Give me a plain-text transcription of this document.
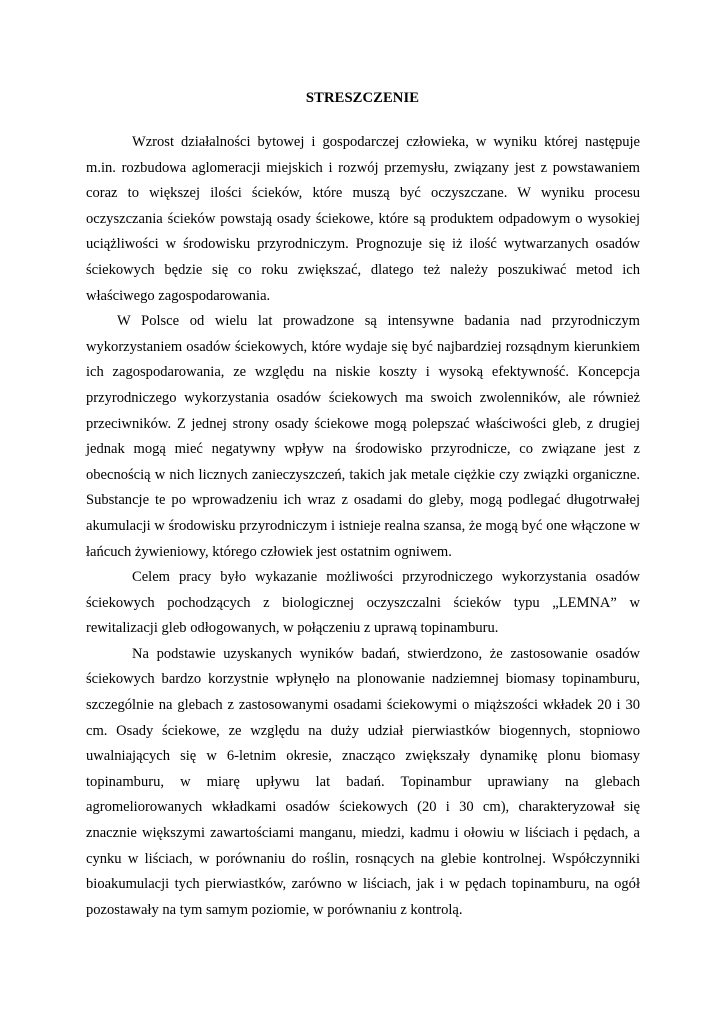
STRESZCZENIE

Wzrost działalności bytowej i gospodarczej człowieka, w wyniku której następuje m.in. rozbudowa aglomeracji miejskich i rozwój przemysłu, związany jest z powstawaniem coraz to większej ilości ścieków, które muszą być oczyszczane. W wyniku procesu oczyszczania ścieków powstają osady ściekowe, które są produktem odpadowym o wysokiej uciążliwości w środowisku przyrodniczym. Prognozuje się iż ilość wytwarzanych osadów ściekowych będzie się co roku zwiększać, dlatego też należy poszukiwać metod ich właściwego zagospodarowania.

W Polsce od wielu lat prowadzone są intensywne badania nad przyrodniczym wykorzystaniem osadów ściekowych, które wydaje się być najbardziej rozsądnym kierunkiem ich zagospodarowania, ze względu na niskie koszty i wysoką efektywność. Koncepcja przyrodniczego wykorzystania osadów ściekowych ma swoich zwolenników, ale również przeciwników. Z jednej strony osady ściekowe mogą polepszać właściwości gleb, z drugiej jednak mogą mieć negatywny wpływ na środowisko przyrodnicze, co związane jest z obecnością w nich licznych zanieczyszczeń, takich jak metale ciężkie czy związki organiczne. Substancje te po wprowadzeniu ich wraz z osadami do gleby, mogą podlegać długotrwałej akumulacji w środowisku przyrodniczym i istnieje realna szansa, że mogą być one włączone w łańcuch żywieniowy, którego człowiek jest ostatnim ogniwem.

Celem pracy było wykazanie możliwości przyrodniczego wykorzystania osadów ściekowych pochodzących z biologicznej oczyszczalni ścieków typu „LEMNA” w rewitalizacji gleb odłogowanych, w połączeniu z uprawą topinamburu.

Na podstawie uzyskanych wyników badań, stwierdzono, że zastosowanie osadów ściekowych bardzo korzystnie wpłynęło na plonowanie nadziemnej biomasy topinamburu, szczególnie na glebach z zastosowanymi osadami ściekowymi o miąższości wkładek 20 i 30 cm. Osady ściekowe, ze względu na duży udział pierwiastków biogennych, stopniowo uwalniających się w 6-letnim okresie, znacząco zwiększały dynamikę plonu biomasy topinamburu, w miarę upływu lat badań. Topinambur uprawiany na glebach agromeliorowanych wkładkami osadów ściekowych (20 i 30 cm), charakteryzował się znacznie większymi zawartościami manganu, miedzi, kadmu i ołowiu w liściach i pędach, a cynku w liściach, w porównaniu do roślin, rosnących na glebie kontrolnej. Współczynniki bioakumulacji tych pierwiastków, zarówno w liściach, jak i w pędach topinamburu, na ogół pozostawały na tym samym poziomie, w porównaniu z kontrolą.
